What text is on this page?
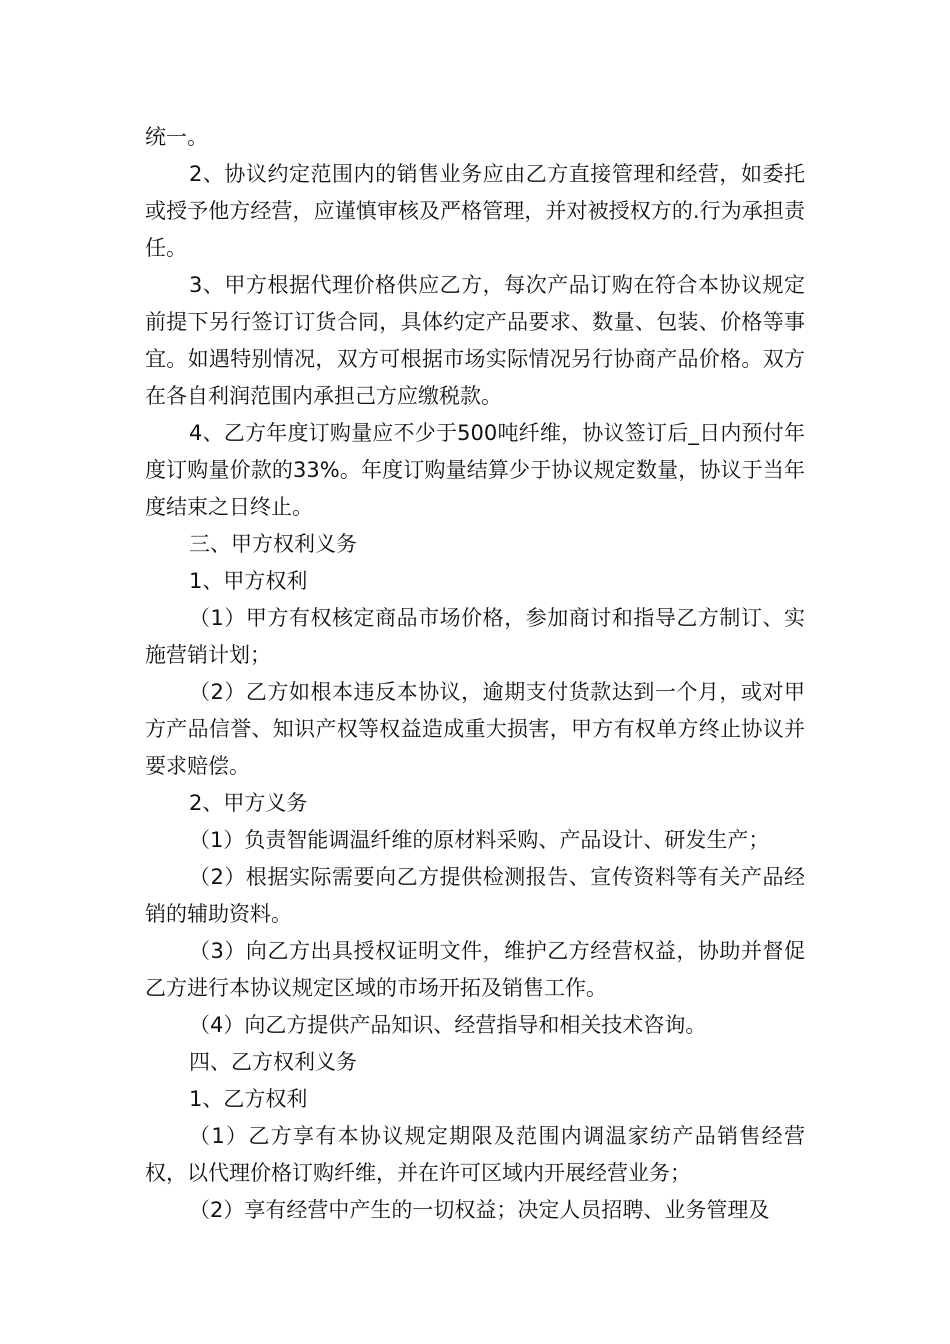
统一。

2、协议约定范围内的销售业务应由乙方直接管理和经营，如委托或授予他方经营，应谨慎审核及严格管理，并对被授权方的.行为承担责任。

3、甲方根据代理价格供应乙方，每次产品订购在符合本协议规定前提下另行签订订货合同，具体约定产品要求、数量、包装、价格等事宜。如遇特别情况，双方可根据市场实际情况另行协商产品价格。双方在各自利润范围内承担己方应缴税款。

4、乙方年度订购量应不少于500吨纤维，协议签订后_日内预付年度订购量价款的33%。年度订购量结算少于协议规定数量，协议于当年度结束之日终止。

三、甲方权利义务

1、甲方权利

（1）甲方有权核定商品市场价格，参加商讨和指导乙方制订、实施营销计划；

（2）乙方如根本违反本协议，逾期支付货款达到一个月，或对甲方产品信誉、知识产权等权益造成重大损害，甲方有权单方终止协议并要求赔偿。

2、甲方义务

（1）负责智能调温纤维的原材料采购、产品设计、研发生产；

（2）根据实际需要向乙方提供检测报告、宣传资料等有关产品经销的辅助资料。

（3）向乙方出具授权证明文件，维护乙方经营权益，协助并督促乙方进行本协议规定区域的市场开拓及销售工作。

（4）向乙方提供产品知识、经营指导和相关技术咨询。

四、乙方权利义务

1、乙方权利

（1）乙方享有本协议规定期限及范围内调温家纺产品销售经营权，以代理价格订购纤维，并在许可区域内开展经营业务；

（2）享有经营中产生的一切权益；决定人员招聘、业务管理及
